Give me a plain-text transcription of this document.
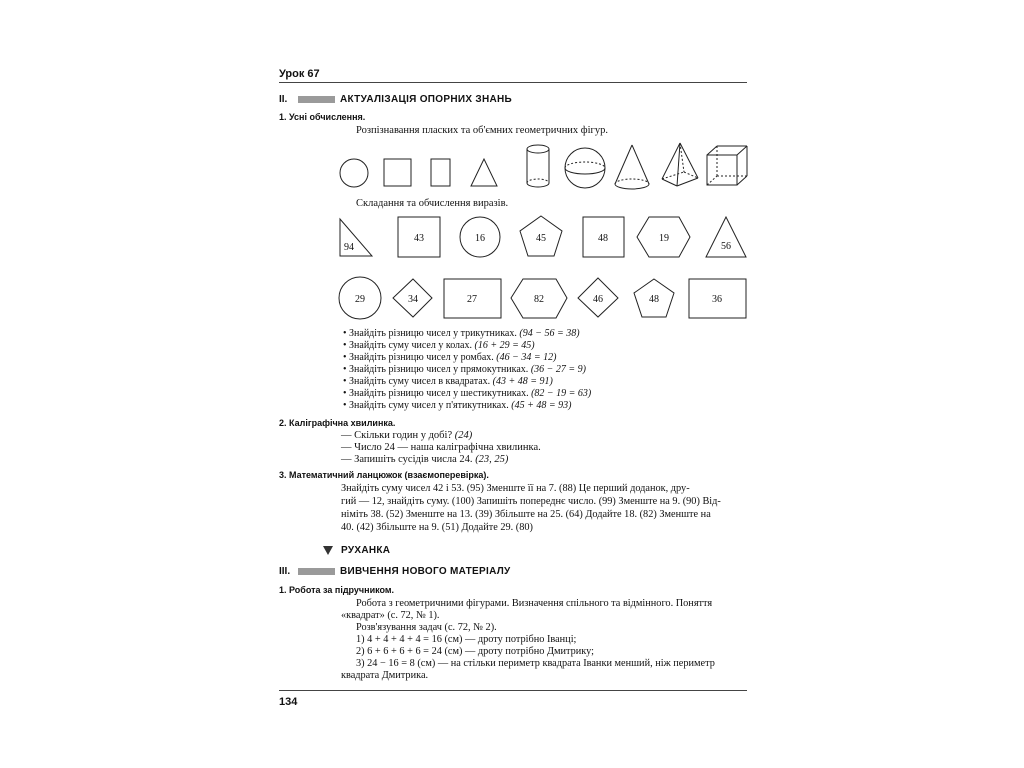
Урок 67
II.	АКТУАЛІЗАЦІЯ ОПОРНИХ ЗНАНЬ
1. Усні обчислення.
Розпізнавання пласких та об'ємних геометричних фігур.
Складання та обчислення виразів.
94
43	16	45	48	19
56
29	34	27	82	46	48	36
• Знайдіть різницю чисел у трикутниках. (94 − 56 = 38)
• Знайдіть суму чисел у колах. (16 + 29 = 45)
• Знайдіть різницю чисел у ромбах. (46 − 34 = 12)
• Знайдіть різницю чисел у прямокутниках. (36 − 27 = 9)
• Знайдіть суму чисел в квадратах. (43 + 48 = 91)
• Знайдіть різницю чисел у шестикутниках. (82 − 19 = 63)
• Знайдіть суму чисел у п'ятикутниках. (45 + 48 = 93)
2. Каліграфічна хвилинка.
— Скільки годин у добі? (24)
— Число 24 — наша каліграфічна хвилинка.
— Запишіть сусідів числа 24. (23, 25)
3. Математичний ланцюжок (взаємоперевірка).
Знайдіть суму чисел 42 і 53. (95) Зменште її на 7. (88) Це перший доданок, дру-
гий — 12, знайдіть суму. (100) Запишіть попереднє число. (99) Зменште на 9. (90) Від-
німіть 38. (52) Зменште на 13. (39) Збільште на 25. (64) Додайте 18. (82) Зменште на
40. (42) Збільште на 9. (51) Додайте 29. (80)
РУХАНКА
III.	ВИВЧЕННЯ НОВОГО МАТЕРІАЛУ
1. Робота за підручником.
Робота з геометричними фігурами. Визначення спільного та відмінного. Поняття
«квадрат» (с. 72, № 1).
Розв'язування задач (с. 72, № 2).
1) 4 + 4 + 4 + 4 = 16 (см) — дроту потрібно Іванці;
2) 6 + 6 + 6 + 6 = 24 (см) — дроту потрібно Дмитрику;
3) 24 − 16 = 8 (см) — на стільки периметр квадрата Іванки менший, ніж периметр
квадрата Дмитрика.
134
